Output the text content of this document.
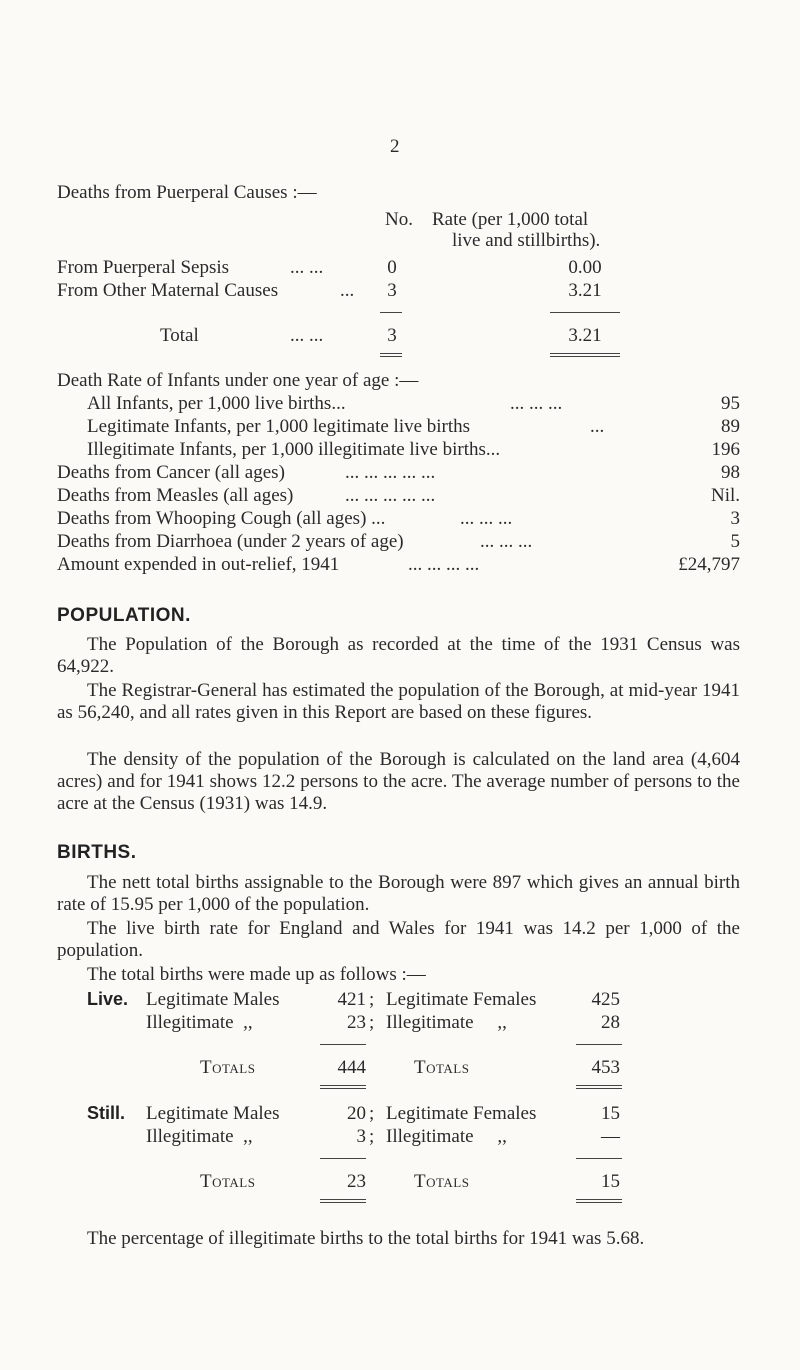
2
Deaths from Puerperal Causes :—
No. Rate (per 1,000 total
live and stillbirths).
From Puerperal Sepsis	... ...	0	0.00
From Other Maternal Causes	...	3	3.21
Total	... ...	3	3.21
Death Rate of Infants under one year of age :—
All Infants, per 1,000 live births...	... ... ...	95
Legitimate Infants, per 1,000 legitimate live births	...	89
Illegitimate Infants, per 1,000 illegitimate live births...	196
Deaths from Cancer (all ages)	... ... ... ... ...	98
Deaths from Measles (all ages)	... ... ... ... ...	Nil.
Deaths from Whooping Cough (all ages) ...	... ... ...	3
Deaths from Diarrhoea (under 2 years of age)	... ... ...	5
Amount expended in out-relief, 1941	... ... ... ...	£24,797
POPULATION.
The Population of the Borough as recorded at the time of the 1931 Census was 64,922.
The Registrar-General has estimated the population of the Borough, at mid-year 1941 as 56,240, and all rates given in this Report are based on these figures.
The density of the population of the Borough is calculated on the land area (4,604 acres) and for 1941 shows 12.2 persons to the acre. The average number of persons to the acre at the Census (1931) was 14.9.
BIRTHS.
The nett total births assignable to the Borough were 897 which gives an annual birth rate of 15.95 per 1,000 of the population.
The live birth rate for England and Wales for 1941 was 14.2 per 1,000 of the population.
The total births were made up as follows :—
Live. Legitimate Males	421 ; Legitimate Females	425
Illegitimate  ,,	23 ; Illegitimate     ,,	28
Totals	444	Totals	453
Still. Legitimate Males	20 ; Legitimate Females	15
Illegitimate  ,,	3 ; Illegitimate     ,,	—
Totals	23	Totals	15
The percentage of illegitimate births to the total births for 1941 was 5.68.
